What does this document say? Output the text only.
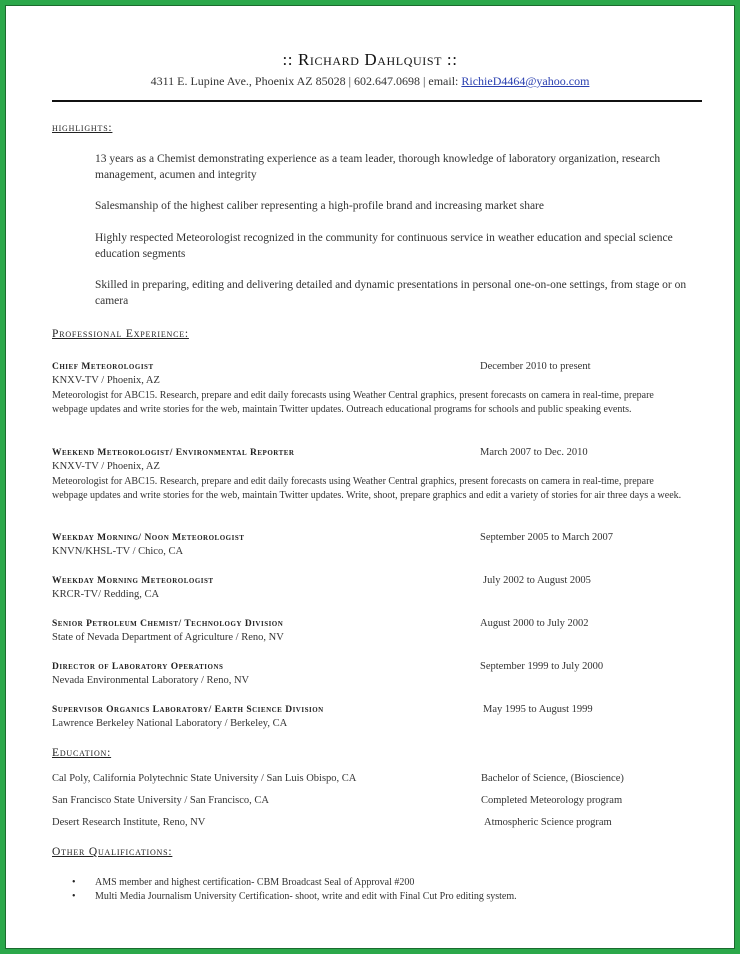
:: Richard Dahlquist ::
4311 E. Lupine Ave., Phoenix AZ 85028 | 602.647.0698 | email: RichieD4464@yahoo.com
highlights:
13 years as a Chemist demonstrating experience as a team leader, thorough knowledge of laboratory organization, research management, acumen and integrity
Salesmanship of the highest caliber representing a high-profile brand and increasing market share
Highly respected Meteorologist recognized in the community for continuous service in weather education and special science education segments
Skilled in preparing, editing and delivering detailed and dynamic presentations in personal one-on-one settings, from stage or on camera
Professional Experience:
Chief Meteorologist	December 2010 to present
KNXV-TV / Phoenix, AZ
Meteorologist for ABC15. Research, prepare and edit daily forecasts using Weather Central graphics, present forecasts on camera in real-time, prepare webpage updates and write stories for the web, maintain Twitter updates. Outreach educational programs for schools and public speaking events.
Weekend Meteorologist/ Environmental Reporter	March 2007 to Dec. 2010
KNXV-TV / Phoenix, AZ
Meteorologist for ABC15. Research, prepare and edit daily forecasts using Weather Central graphics, present forecasts on camera in real-time, prepare webpage updates and write stories for the web, maintain Twitter updates. Write, shoot, prepare graphics and edit a variety of stories for air three days a week.
Weekday Morning/ Noon Meteorologist	September 2005 to March 2007
KNVN/KHSL-TV / Chico, CA
Weekday Morning Meteorologist	July 2002 to August 2005
KRCR-TV/ Redding, CA
Senior Petroleum Chemist/ Technology Division	August 2000 to July 2002
State of Nevada Department of Agriculture / Reno, NV
Director of Laboratory Operations	September 1999 to July 2000
Nevada Environmental Laboratory / Reno, NV
Supervisor Organics Laboratory/ Earth Science Division	May 1995 to August 1999
Lawrence Berkeley National Laboratory / Berkeley, CA
Education:
Cal Poly, California Polytechnic State University / San Luis Obispo, CA	Bachelor of Science, (Bioscience)
San Francisco State University / San Francisco, CA	Completed Meteorology program
Desert Research Institute, Reno, NV	Atmospheric Science program
Other Qualifications:
• AMS member and highest certification- CBM Broadcast Seal of Approval #200
• Multi Media Journalism University Certification- shoot, write and edit with Final Cut Pro editing system.
